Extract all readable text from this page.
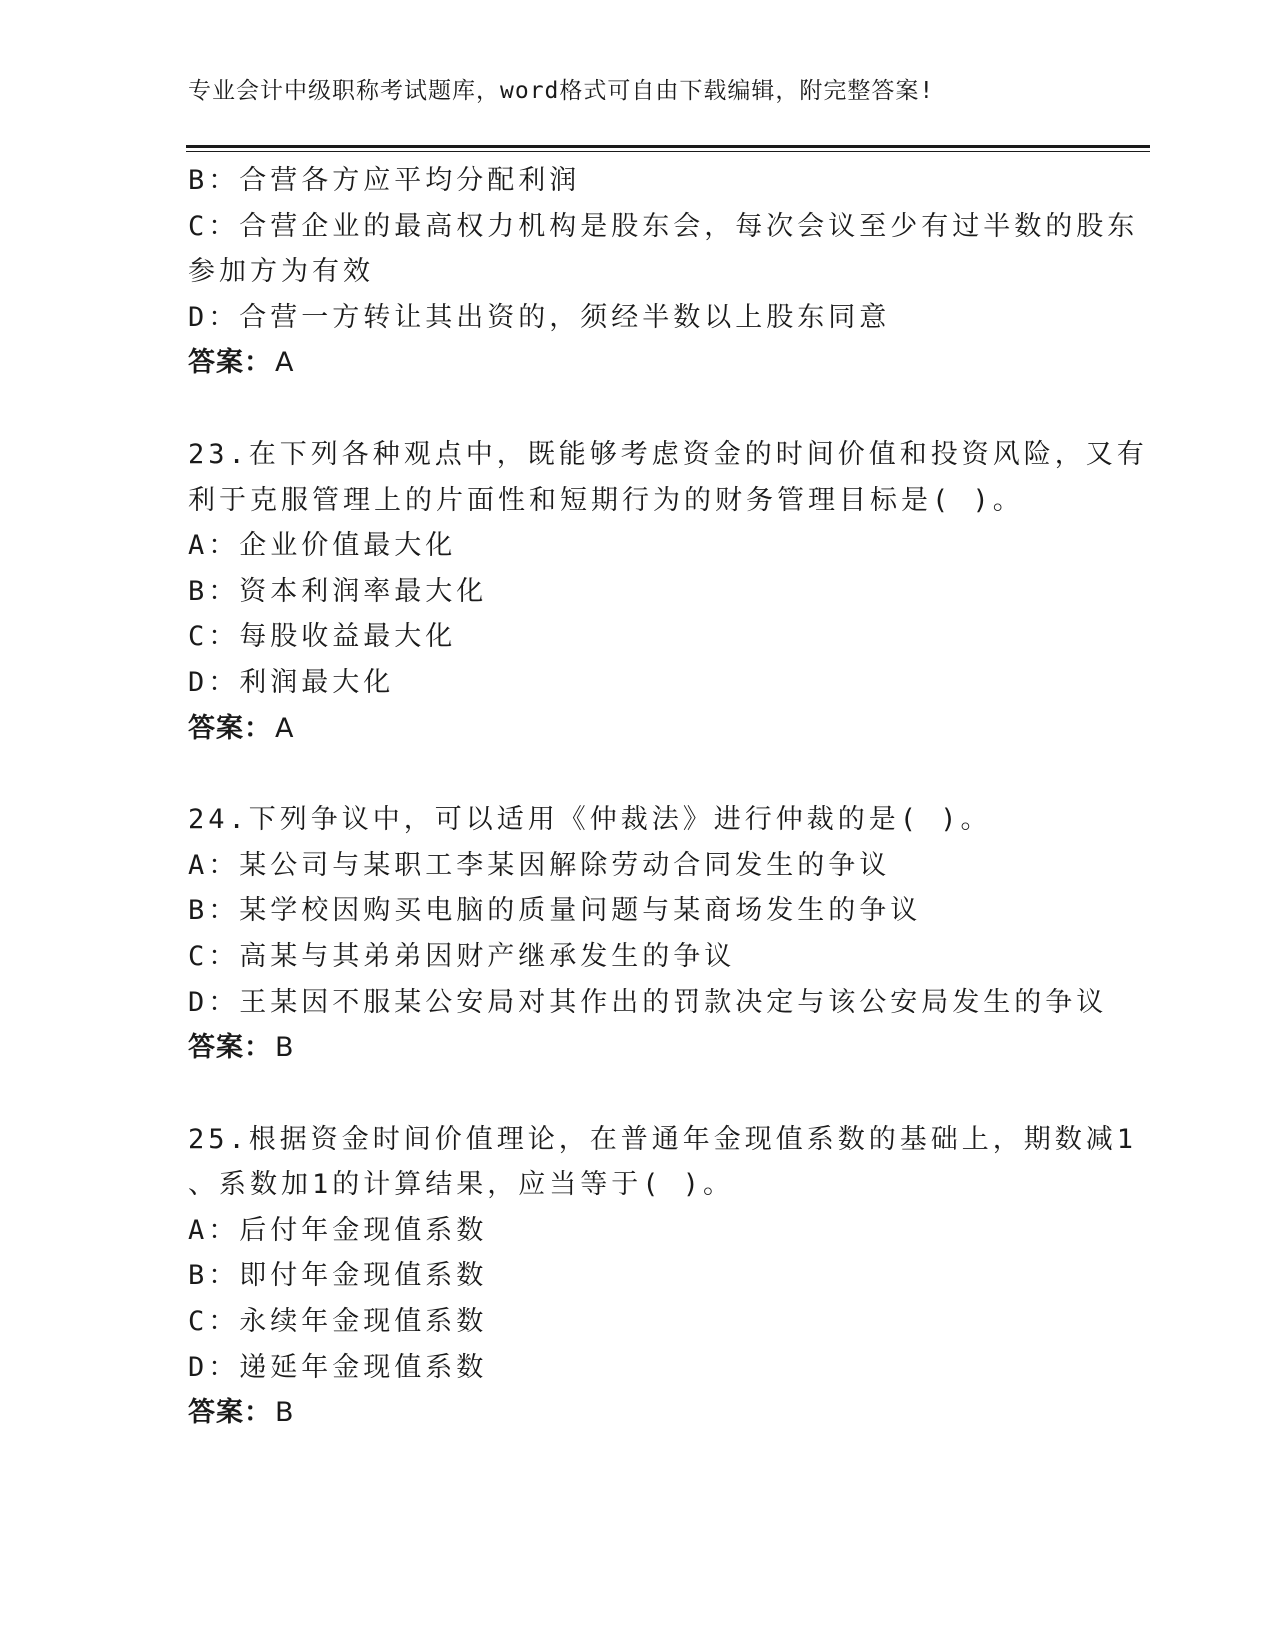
专业会计中级职称考试题库，word格式可自由下载编辑，附完整答案!
B：合营各方应平均分配利润
C：合营企业的最高权力机构是股东会，每次会议至少有过半数的股东
参加方为有效
D：合营一方转让其出资的，须经半数以上股东同意
答案： A
23.在下列各种观点中，既能够考虑资金的时间价值和投资风险，又有
利于克服管理上的片面性和短期行为的财务管理目标是( )。
A：企业价值最大化
B：资本利润率最大化
C：每股收益最大化
D：利润最大化
答案： A
24.下列争议中，可以适用《仲裁法》进行仲裁的是( )。
A：某公司与某职工李某因解除劳动合同发生的争议
B：某学校因购买电脑的质量问题与某商场发生的争议
C：高某与其弟弟因财产继承发生的争议
D：王某因不服某公安局对其作出的罚款决定与该公安局发生的争议
答案： B
25.根据资金时间价值理论，在普通年金现值系数的基础上，期数减1
、系数加1的计算结果，应当等于( )。
A：后付年金现值系数
B：即付年金现值系数
C：永续年金现值系数
D：递延年金现值系数
答案： B
